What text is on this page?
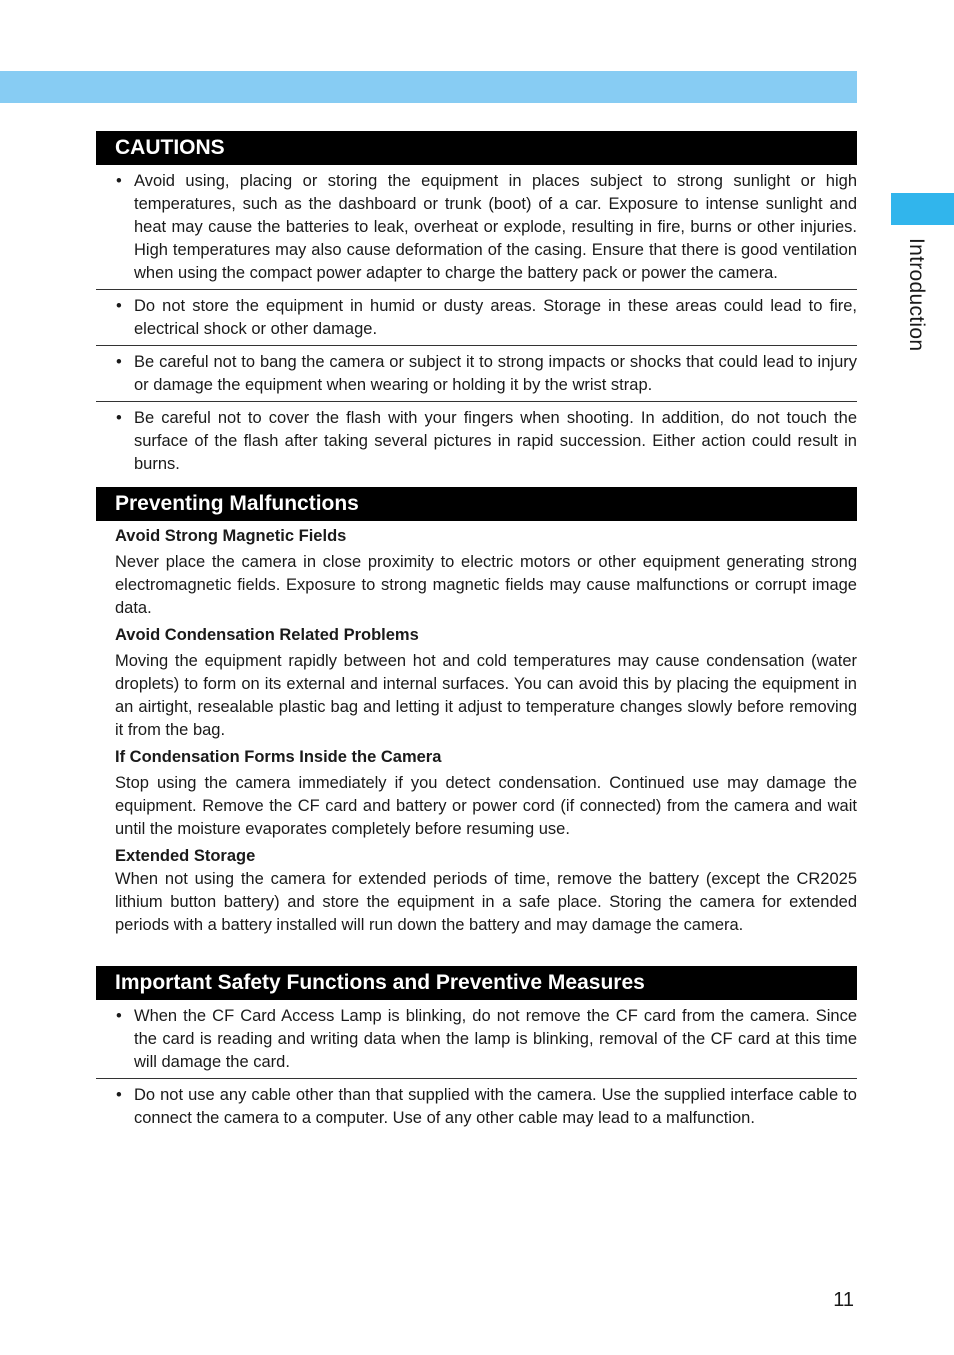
Introduction
CAUTIONS
• Avoid using, placing or storing the equipment in places subject to strong sunlight or high temperatures, such as the dashboard or trunk (boot) of a car. Exposure to intense sunlight and heat may cause the batteries to leak, overheat or explode, resulting in fire, burns or other injuries. High temperatures may also cause deformation of the casing. Ensure that there is good ventilation when using the compact power adapter to charge the battery pack or power the camera.
• Do not store the equipment in humid or dusty areas. Storage in these areas could lead to fire, electrical shock or other damage.
• Be careful not to bang the camera or subject it to strong impacts or shocks that could lead to injury or damage the equipment when wearing or holding it by the wrist strap.
• Be careful not to cover the flash with your fingers when shooting. In addition, do not touch the surface of the flash after taking several pictures in rapid succession. Either action could result in burns.
Preventing Malfunctions
Avoid Strong Magnetic Fields
Never place the camera in close proximity to electric motors or other equipment generating strong electromagnetic fields. Exposure to strong magnetic fields may cause malfunctions or corrupt image data.
Avoid Condensation Related Problems
Moving the equipment rapidly between hot and cold temperatures may cause condensation (water droplets) to form on its external and internal surfaces. You can avoid this by placing the equipment in an airtight, resealable plastic bag and letting it adjust to temperature changes slowly before removing it from the bag.
If Condensation Forms Inside the Camera
Stop using the camera immediately if you detect condensation. Continued use may damage the equipment. Remove the CF card and battery or power cord (if connected) from the camera and wait until the moisture evaporates completely before resuming use.
Extended Storage
When not using the camera for extended periods of time, remove the battery (except the CR2025 lithium button battery) and store the equipment in a safe place. Storing the camera for extended periods with a battery installed will run down the battery and may damage the camera.
Important Safety Functions and Preventive Measures
• When the CF Card Access Lamp is blinking, do not remove the CF card from the camera. Since the card is reading and writing data when the lamp is blinking, removal of the CF card at this time will damage the card.
• Do not use any cable other than that supplied with the camera. Use the supplied interface cable to connect the camera to a computer. Use of any other cable may lead to a malfunction.
11
